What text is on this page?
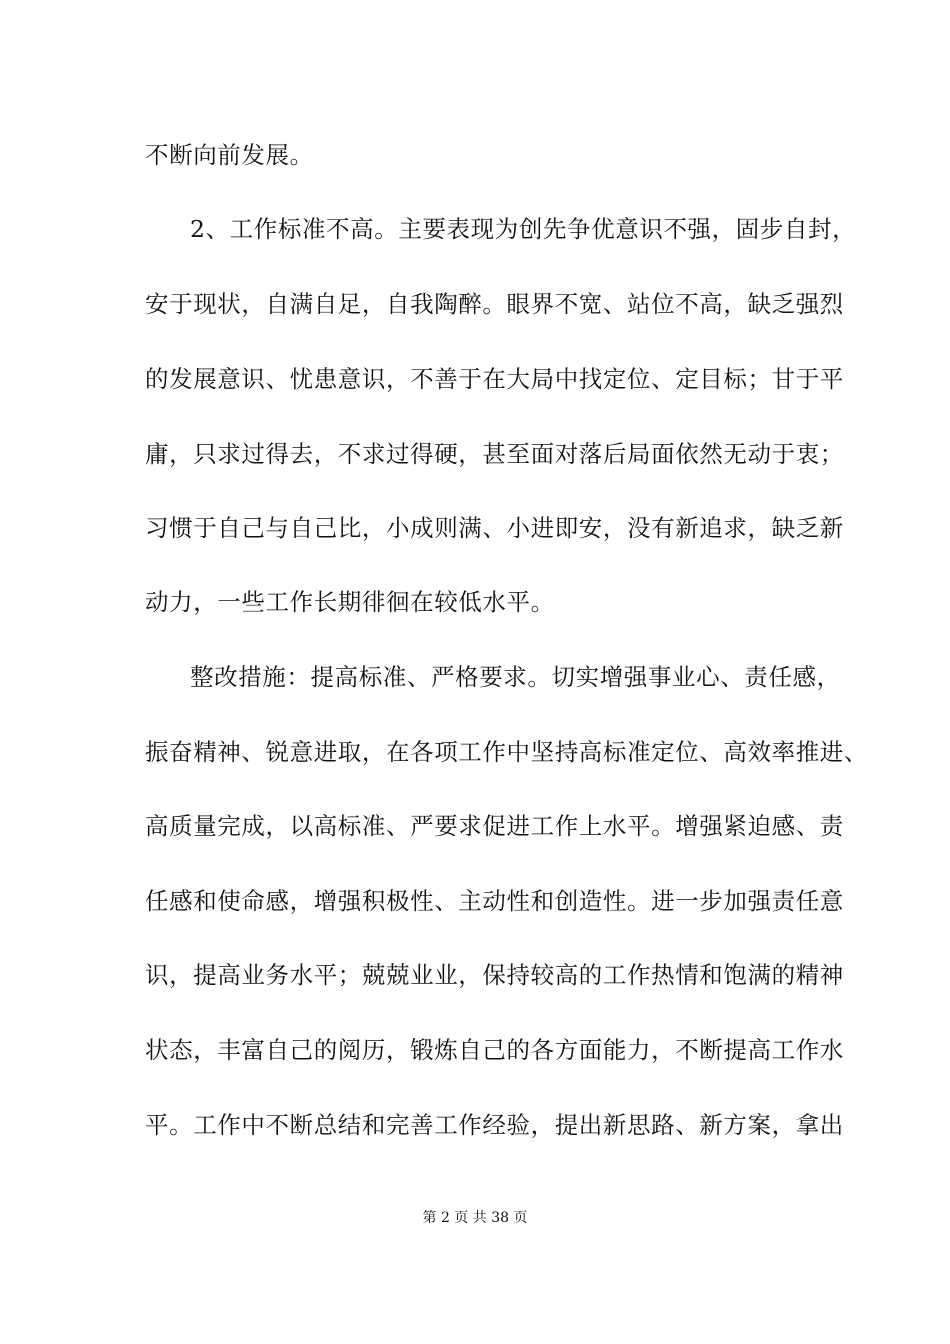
不断向前发展。
2、工作标准不高。主要表现为创先争优意识不强，固步自封，
安于现状，自满自足，自我陶醉。眼界不宽、站位不高，缺乏强烈
的发展意识、忧患意识，不善于在大局中找定位、定目标；甘于平
庸，只求过得去，不求过得硬，甚至面对落后局面依然无动于衷；
习惯于自己与自己比，小成则满、小进即安，没有新追求，缺乏新
动力，一些工作长期徘徊在较低水平。
整改措施：提高标准、严格要求。切实增强事业心、责任感，
振奋精神、锐意进取，在各项工作中坚持高标准定位、高效率推进、
高质量完成，以高标准、严要求促进工作上水平。增强紧迫感、责
任感和使命感，增强积极性、主动性和创造性。进一步加强责任意
识，提高业务水平；兢兢业业，保持较高的工作热情和饱满的精神
状态，丰富自己的阅历，锻炼自己的各方面能力，不断提高工作水
平。工作中不断总结和完善工作经验，提出新思路、新方案，拿出
第 2 页 共 38 页
